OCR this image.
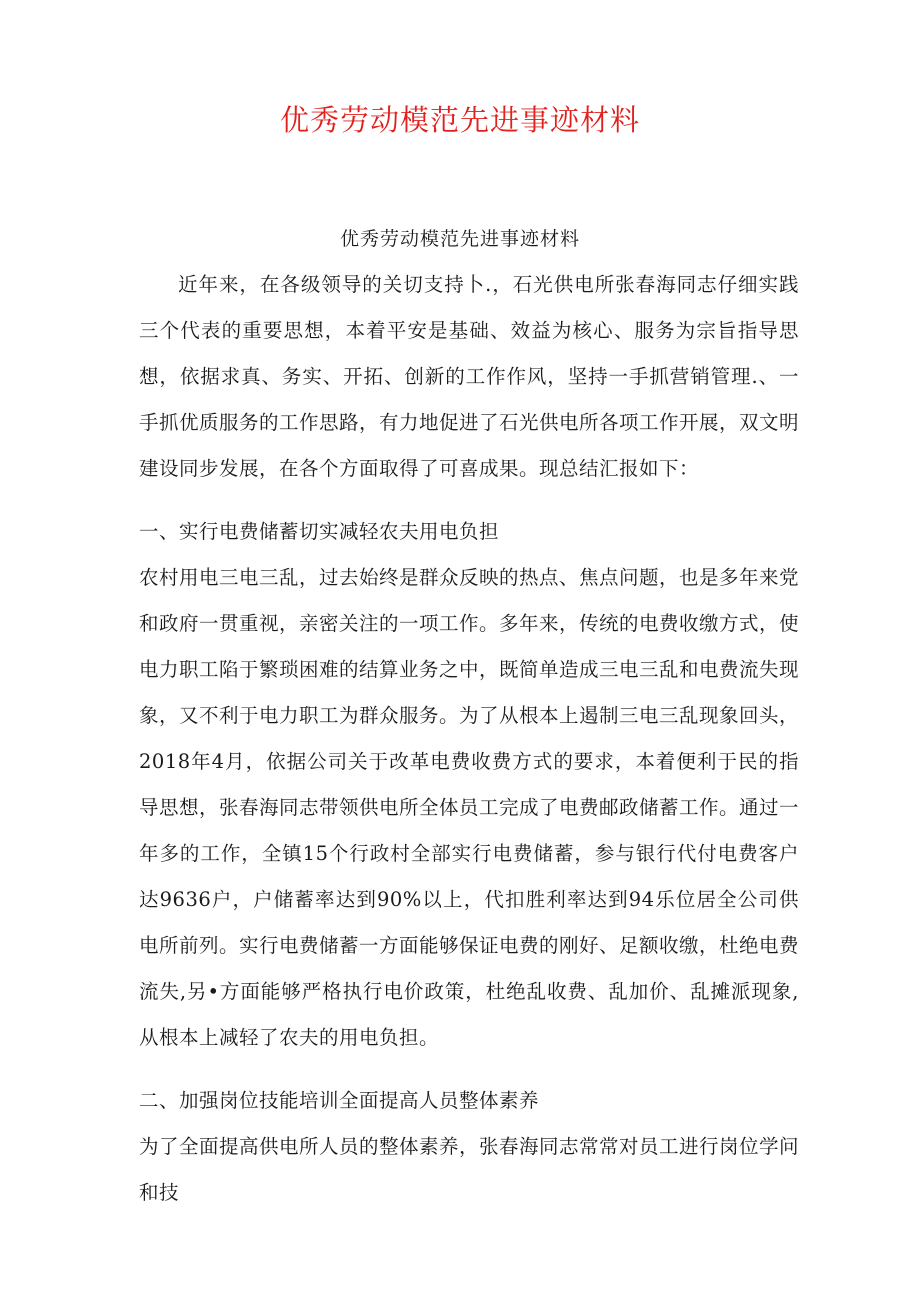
优秀劳动模范先进事迹材料
优秀劳动模范先进事迹材料

近年来，在各级领导的关切支持卜.，石光供电所张春海同志仔细实践三个代表的重要思想，本着平安是基础、效益为核心、服务为宗旨指导思想，依据求真、务实、开拓、创新的工作作风，坚持一手抓营销管理.、一手抓优质服务的工作思路，有力地促进了石光供电所各项工作开展，双文明建设同步发展，在各个方面取得了可喜成果。现总结汇报如下：

一、实行电费储蓄切实减轻农夫用电负担

农村用电三电三乱，过去始终是群众反映的热点、焦点问题，也是多年来党和政府一贯重视，亲密关注的一项工作。多年来，传统的电费收缴方式，使电力职工陷于繁琐困难的结算业务之中，既简单造成三电三乱和电费流失现象，又不利于电力职工为群众服务。为了从根本上遏制三电三乱现象回头，2018年4月，依据公司关于改革电费收费方式的要求，本着便利于民的指导思想，张春海同志带领供电所全体员工完成了电费邮政储蓄工作。通过一年多的工作，全镇15个行政村全部实行电费储蓄，参与银行代付电费客户达9636户，户储蓄率达到90%以上，代扣胜利率达到94乐位居全公司供电所前列。实行电费储蓄一方面能够保证电费的刚好、足额收缴，杜绝电费流失,另•方面能够严格执行电价政策，杜绝乱收费、乱加价、乱摊派现象,从根本上减轻了农夫的用电负担。

二、加强岗位技能培训全面提高人员整体素养

为了全面提高供电所人员的整体素养，张春海同志常常对员工进行岗位学问和技
